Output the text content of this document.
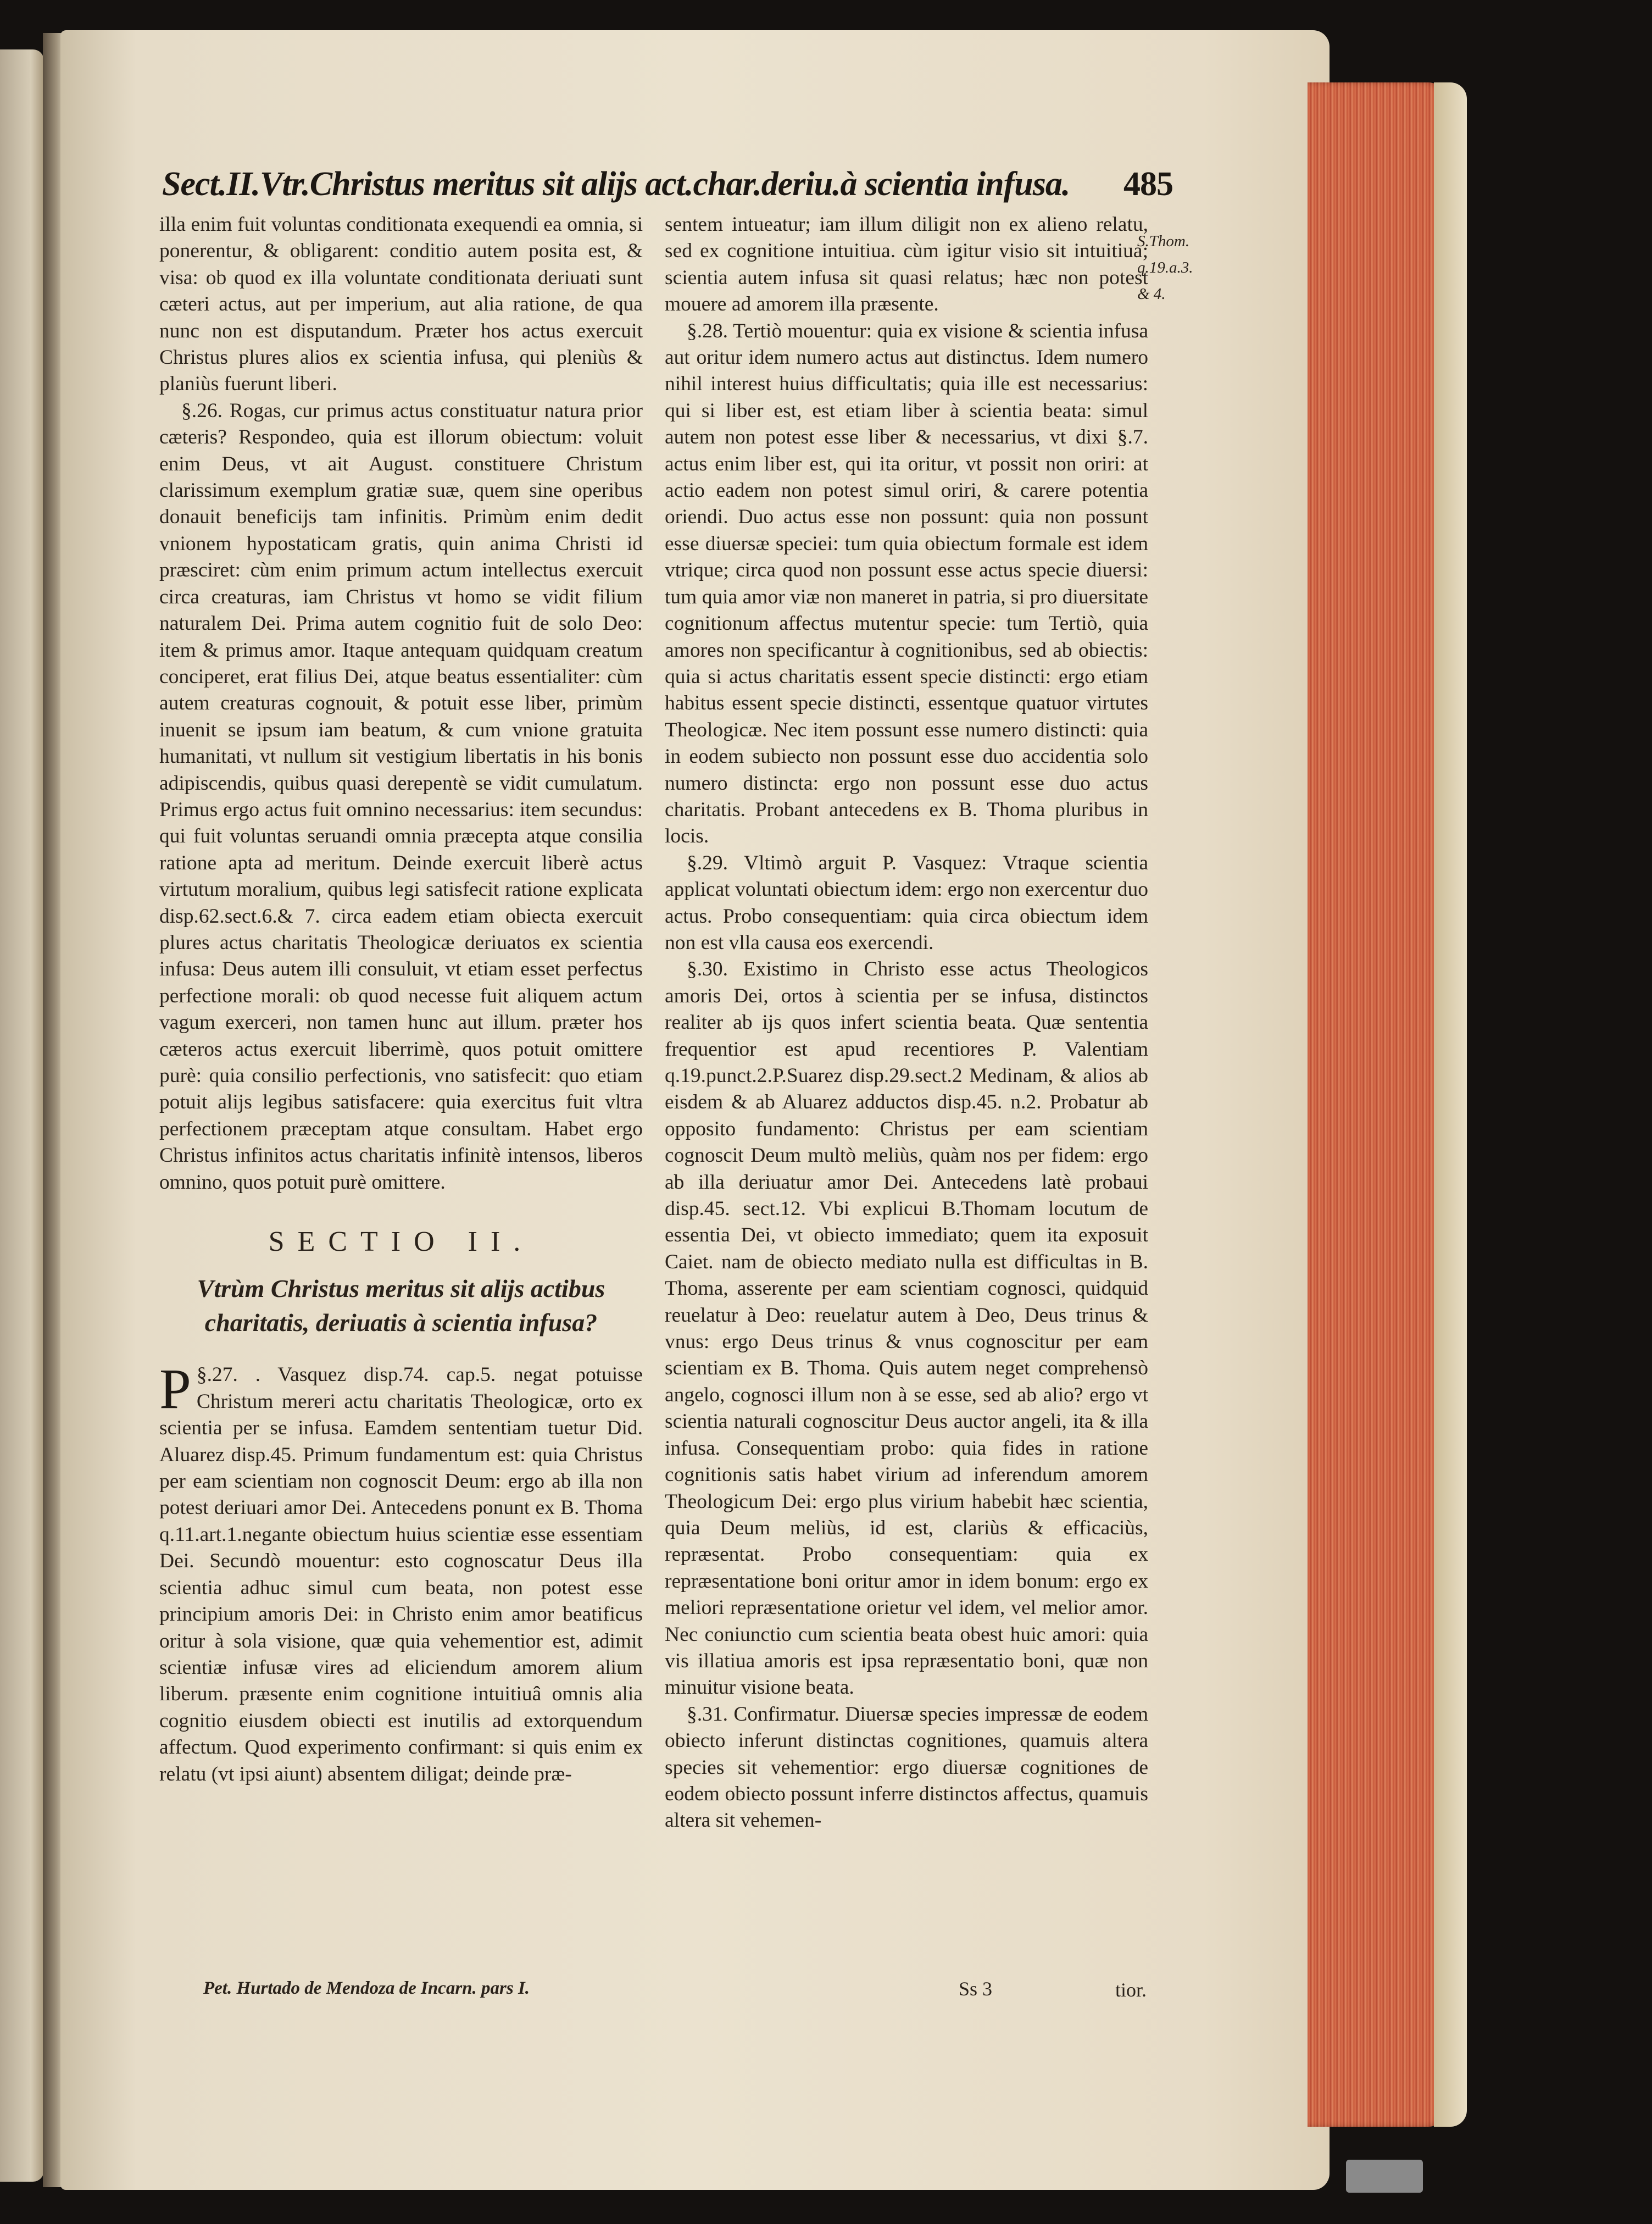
Sect.II.Vtr.Christus meritus sit alijs act.char.deriu.à scientia infusa. 485

illa enim fuit voluntas conditionata exequendi ea omnia, si ponerentur, & obligarent: conditio autem posita est, & visa: ob quod ex illa voluntate conditionata deriuati sunt cæteri actus, aut per imperium, aut alia ratione, de qua nunc non est disputandum. Præter hos actus exercuit Christus plures alios ex scientia infusa, qui pleniùs & planiùs fuerunt liberi.

§.26. Rogas, cur primus actus constituatur natura prior cæteris? Respondeo, quia est illorum obiectum: voluit enim Deus, vt ait August. constituere Christum clarissimum exemplum gratiæ suæ, quem sine operibus donauit beneficijs tam infinitis. Primùm enim dedit vnionem hypostaticam gratis, quin anima Christi id præsciret: cùm enim primum actum intellectus exercuit circa creaturas, iam Christus vt homo se vidit filium naturalem Dei. Prima autem cognitio fuit de solo Deo: item & primus amor. Itaque antequam quidquam creatum conciperet, erat filius Dei, atque beatus essentialiter: cùm autem creaturas cognouit, & potuit esse liber, primùm inuenit se ipsum iam beatum, & cum vnione gratuita humanitati, vt nullum sit vestigium libertatis in his bonis adipiscendis, quibus quasi derepentè se vidit cumulatum. Primus ergo actus fuit omnino necessarius: item secundus: qui fuit voluntas seruandi omnia præcepta atque consilia ratione apta ad meritum. Deinde exercuit liberè actus virtutum moralium, quibus legi satisfecit ratione explicata disp.62.sect.6.& 7. circa eadem etiam obiecta exercuit plures actus charitatis Theologicæ deriuatos ex scientia infusa: Deus autem illi consuluit, vt etiam esset perfectus perfectione morali: ob quod necesse fuit aliquem actum vagum exerceri, non tamen hunc aut illum. præter hos cæteros actus exercuit liberrimè, quos potuit omittere purè: quia consilio perfectionis, vno satisfecit: quo etiam potuit alijs legibus satisfacere: quia exercitus fuit vltra perfectionem præceptam atque consultam. Habet ergo Christus infinitos actus charitatis infinitè intensos, liberos omnino, quos potuit purè omittere.

SECTIO II.
Vtrùm Christus meritus sit alijs actibus charitatis, deriuatis à scientia infusa?

§.27.
P	. Vasquez disp.74. cap.5. negat potuisse Christum mereri actu charitatis Theologicæ, orto ex scientia per se infusa. Eamdem sententiam tuetur Did. Aluarez disp.45. Primum fundamentum est: quia Christus per eam scientiam non cognoscit Deum: ergo ab illa non potest deriuari amor Dei. Antecedens ponunt ex B. Thoma q.11.art.1.negante obiectum huius scientiæ esse essentiam Dei. Secundò mouentur: esto cognoscatur Deus illa scientia adhuc simul cum beata, non potest esse principium amoris Dei: in Christo enim amor beatificus oritur à sola visione, quæ quia vehementior est, adimit scientiæ infusæ vires ad eliciendum amorem alium liberum. præsente enim cognitione intuitiuâ omnis alia cognitio eiusdem obiecti est inutilis ad extorquendum affectum. Quod experimento confirmant: si quis enim ex relatu (vt ipsi aiunt) absentem diligat; deinde præ-

sentem intueatur; iam illum diligit non ex alieno relatu, sed ex cognitione intuitiua. cùm igitur visio sit intuitiua; scientia autem infusa sit quasi relatus; hæc non potest mouere ad amorem illa præsente.

§.28. Tertiò mouentur: quia ex visione & scientia infusa aut oritur idem numero actus aut distinctus. Idem numero nihil interest huius difficultatis; quia ille est necessarius: qui si liber est, est etiam liber à scientia beata: simul autem non potest esse liber & necessarius, vt dixi §.7. actus enim liber est, qui ita oritur, vt possit non oriri: at actio eadem non potest simul oriri, & carere potentia oriendi. Duo actus esse non possunt: quia non possunt esse diuersæ speciei: tum quia obiectum formale est idem vtrique; circa quod non possunt esse actus specie diuersi: tum quia amor viæ non maneret in patria, si pro diuersitate cognitionum affectus mutentur specie: tum Tertiò, quia amores non specificantur à cognitionibus, sed ab obiectis: quia si actus charitatis essent specie distincti: ergo etiam habitus essent specie distincti, essentque quatuor virtutes Theologicæ. Nec item possunt esse numero distincti: quia in eodem subiecto non possunt esse duo accidentia solo numero distincta: ergo non possunt esse duo actus charitatis. Probant antecedens ex B. Thoma pluribus in locis.

§.29. Vltimò arguit P. Vasquez: Vtraque scientia applicat voluntati obiectum idem: ergo non exercentur duo actus. Probo consequentiam: quia circa obiectum idem non est vlla causa eos exercendi.

§.30. Existimo in Christo esse actus Theologicos amoris Dei, ortos à scientia per se infusa, distinctos realiter ab ijs quos infert scientia beata. Quæ sententia frequentior est apud recentiores P. Valentiam q.19.punct.2.P.Suarez disp.29.sect.2 Medinam, & alios ab eisdem & ab Aluarez adductos disp.45. n.2. Probatur ab opposito fundamento: Christus per eam scientiam cognoscit Deum multò meliùs, quàm nos per fidem: ergo ab illa deriuatur amor Dei. Antecedens latè probaui disp.45. sect.12. Vbi explicui B.Thomam locutum de essentia Dei, vt obiecto immediato; quem ita exposuit Caiet. nam de obiecto mediato nulla est difficultas in B. Thoma, asserente per eam scientiam cognosci, quidquid reuelatur à Deo: reuelatur autem à Deo, Deus trinus & vnus: ergo Deus trinus & vnus cognoscitur per eam scientiam ex B. Thoma. Quis autem neget comprehensò angelo, cognosci illum non à se esse, sed ab alio? ergo vt scientia naturali cognoscitur Deus auctor angeli, ita & illa infusa. Consequentiam probo: quia fides in ratione cognitionis satis habet virium ad inferendum amorem Theologicum Dei: ergo plus virium habebit hæc scientia, quia Deum meliùs, id est, clariùs & efficaciùs, repræsentat. Probo consequentiam: quia ex repræsentatione boni oritur amor in idem bonum: ergo ex meliori repræsentatione orietur vel idem, vel melior amor. Nec coniunctio cum scientia beata obest huic amori: quia vis illatiua amoris est ipsa repræsentatio boni, quæ non minuitur visione beata.

§.31. Confirmatur. Diuersæ species impressæ de eodem obiecto inferunt distinctas cognitiones, quamuis altera species sit vehementior: ergo diuersæ cognitiones de eodem obiecto possunt inferre distinctos affectus, quamuis altera sit vehemen-

S.Thom.
q.19.a.3.
& 4.
Pet. Hurtado de Mendoza de Incarn. pars I.	Ss 3	tior.
